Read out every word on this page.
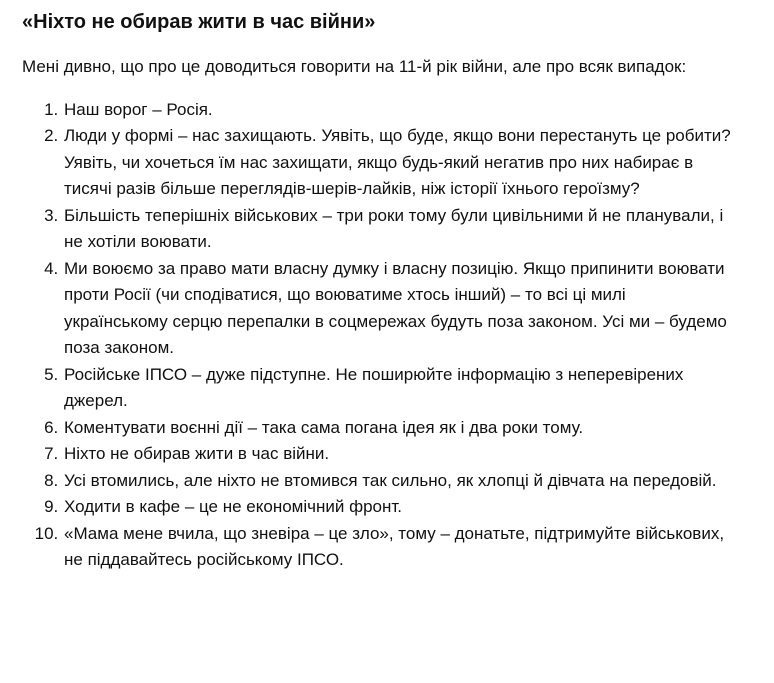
«Ніхто не обирав жити в час війни»

Мені дивно, що про це доводиться говорити на 11-й рік війни, але про всяк випадок:

1. Наш ворог – Росія.
2. Люди у формі – нас захищають. Уявіть, що буде, якщо вони перестануть це робити? Уявіть, чи хочеться їм нас захищати, якщо будь-який негатив про них набирає в тисячі разів більше переглядів-шерів-лайків, ніж історії їхнього героїзму?
3. Більшість теперішніх військових – три роки тому були цивільними й не планували, і не хотіли воювати.
4. Ми воюємо за право мати власну думку і власну позицію. Якщо припинити воювати проти Росії (чи сподіватися, що воюватиме хтось інший) – то всі ці милі українському серцю перепалки в соцмережах будуть поза законом. Усі ми – будемо поза законом.
5. Російське ІПСО – дуже підступне. Не поширюйте інформацію з неперевірених джерел.
6. Коментувати воєнні дії – така сама погана ідея як і два роки тому.
7. Ніхто не обирав жити в час війни.
8. Усі втомились, але ніхто не втомився так сильно, як хлопці й дівчата на передовій.
9. Ходити в кафе – це не економічний фронт.
10. «Мама мене вчила, що зневіра – це зло», тому – донатьте, підтримуйте військових, не піддавайтесь російському ІПСО.
